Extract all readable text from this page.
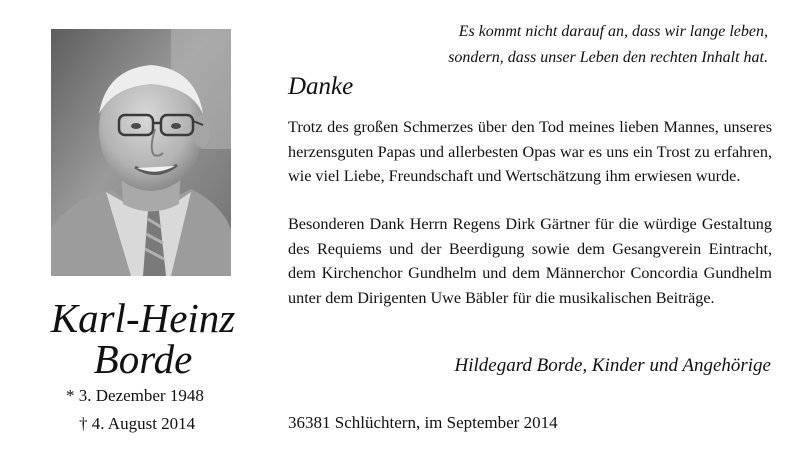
Karl-Heinz
Borde
* 3. Dezember 1948
† 4. August 2014
Es kommt nicht darauf an, dass wir lange leben,
sondern, dass unser Leben den rechten Inhalt hat.
Danke
Trotz des großen Schmerzes über den Tod meines lieben Mannes, unseres herzensguten Papas und allerbesten Opas war es uns ein Trost zu erfahren, wie viel Liebe, Freundschaft und Wertschätzung ihm erwiesen wurde.
Besonderen Dank Herrn Regens Dirk Gärtner für die würdige Gestaltung des Requiems und der Beerdigung sowie dem Gesangverein Eintracht, dem Kirchenchor Gundhelm und dem Männerchor Concordia Gundhelm unter dem Dirigenten Uwe Bäbler für die musikalischen Beiträge.
Hildegard Borde, Kinder und Angehörige
36381 Schlüchtern, im September 2014
